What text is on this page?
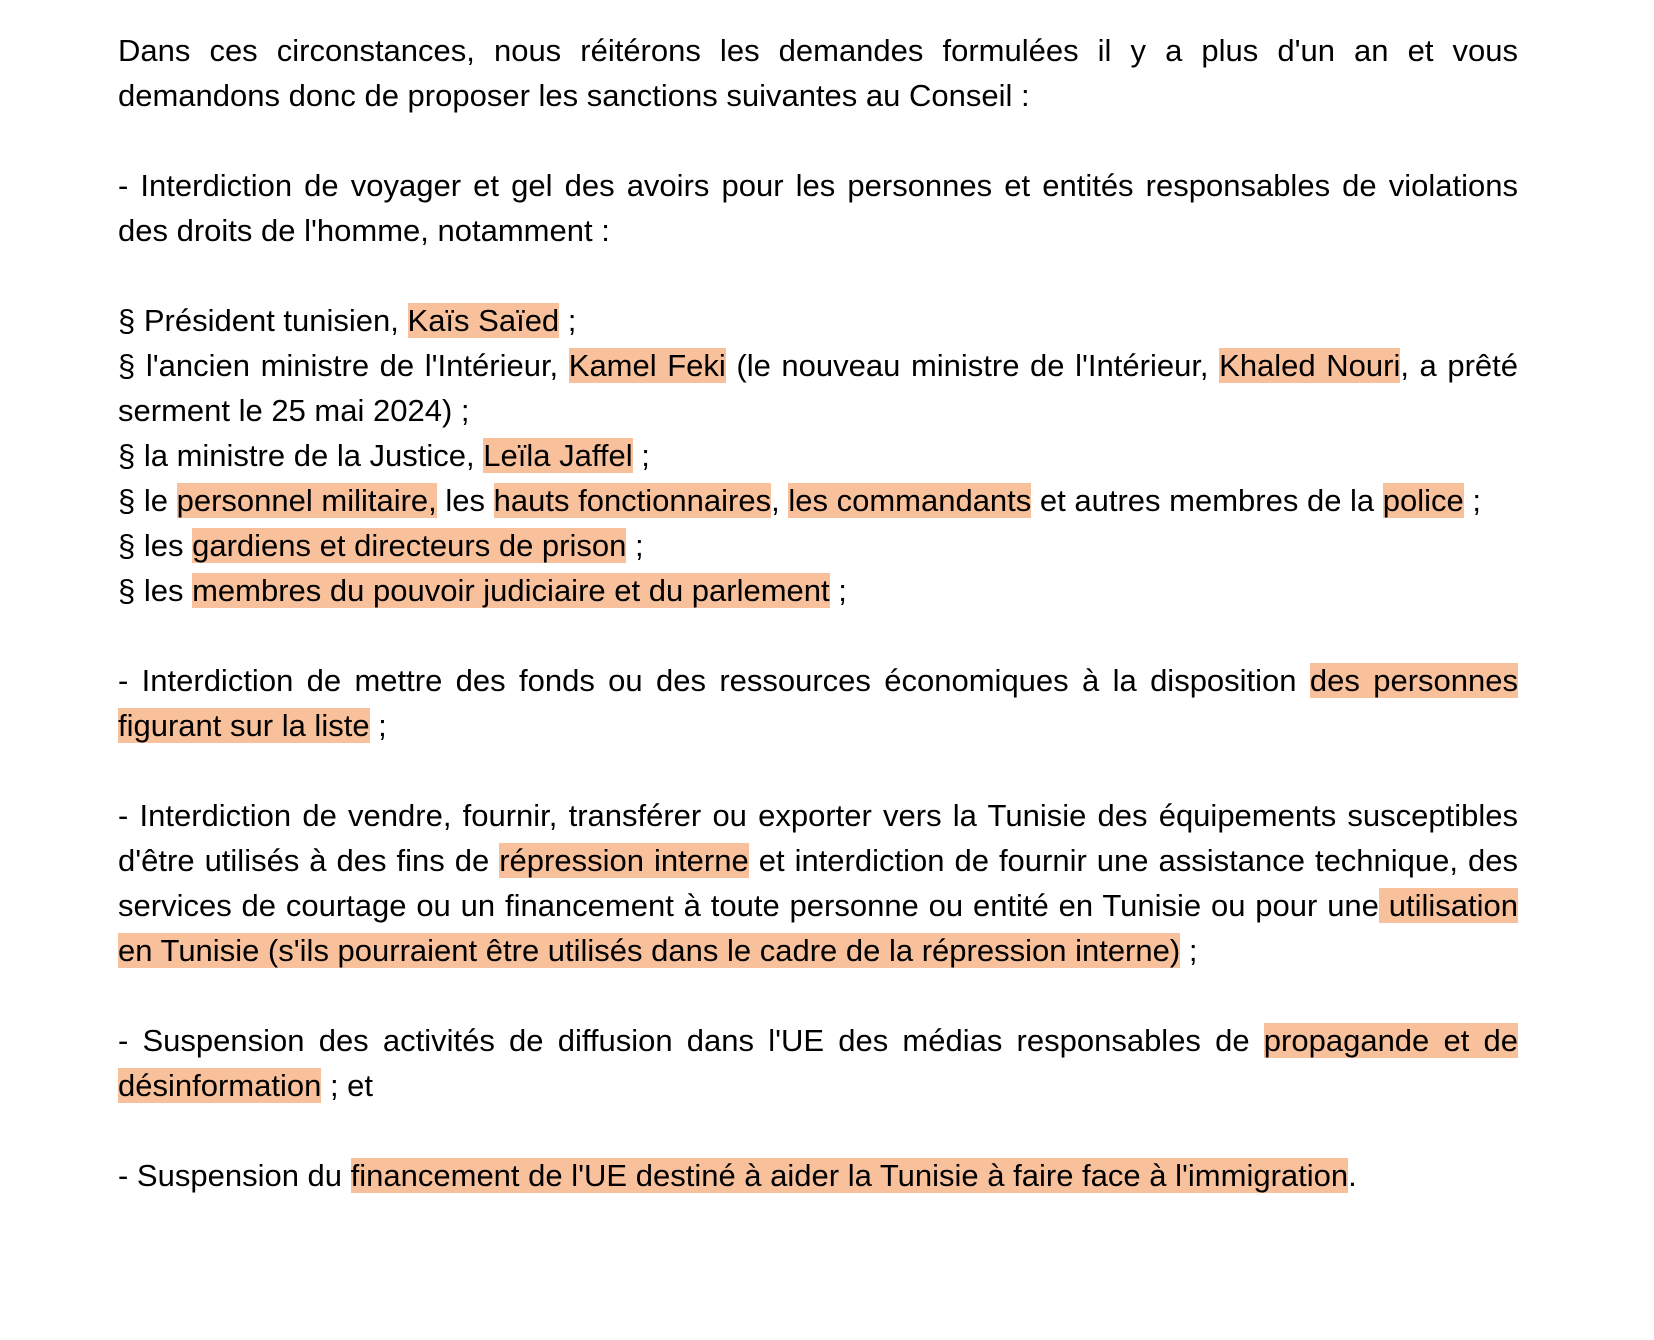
Dans ces circonstances, nous réitérons les demandes formulées il y a plus d'un an et vous demandons donc de proposer les sanctions suivantes au Conseil :

- Interdiction de voyager et gel des avoirs pour les personnes et entités responsables de violations des droits de l'homme, notamment :

§ Président tunisien, Kaïs Saïed ;

§ l'ancien ministre de l'Intérieur, Kamel Feki (le nouveau ministre de l'Intérieur, Khaled Nouri, a prêté serment le 25 mai 2024) ;

§ la ministre de la Justice, Leïla Jaffel ;

§ le personnel militaire, les hauts fonctionnaires, les commandants et autres membres de la police ;

§ les gardiens et directeurs de prison ;

§ les membres du pouvoir judiciaire et du parlement ;

- Interdiction de mettre des fonds ou des ressources économiques à la disposition des personnes figurant sur la liste ;

- Interdiction de vendre, fournir, transférer ou exporter vers la Tunisie des équipements susceptibles d'être utilisés à des fins de répression interne et interdiction de fournir une assistance technique, des services de courtage ou un financement à toute personne ou entité en Tunisie ou pour une utilisation en Tunisie (s'ils pourraient être utilisés dans le cadre de la répression interne) ;

- Suspension des activités de diffusion dans l'UE des médias responsables de propagande et de désinformation ; et

- Suspension du financement de l'UE destiné à aider la Tunisie à faire face à l'immigration.
